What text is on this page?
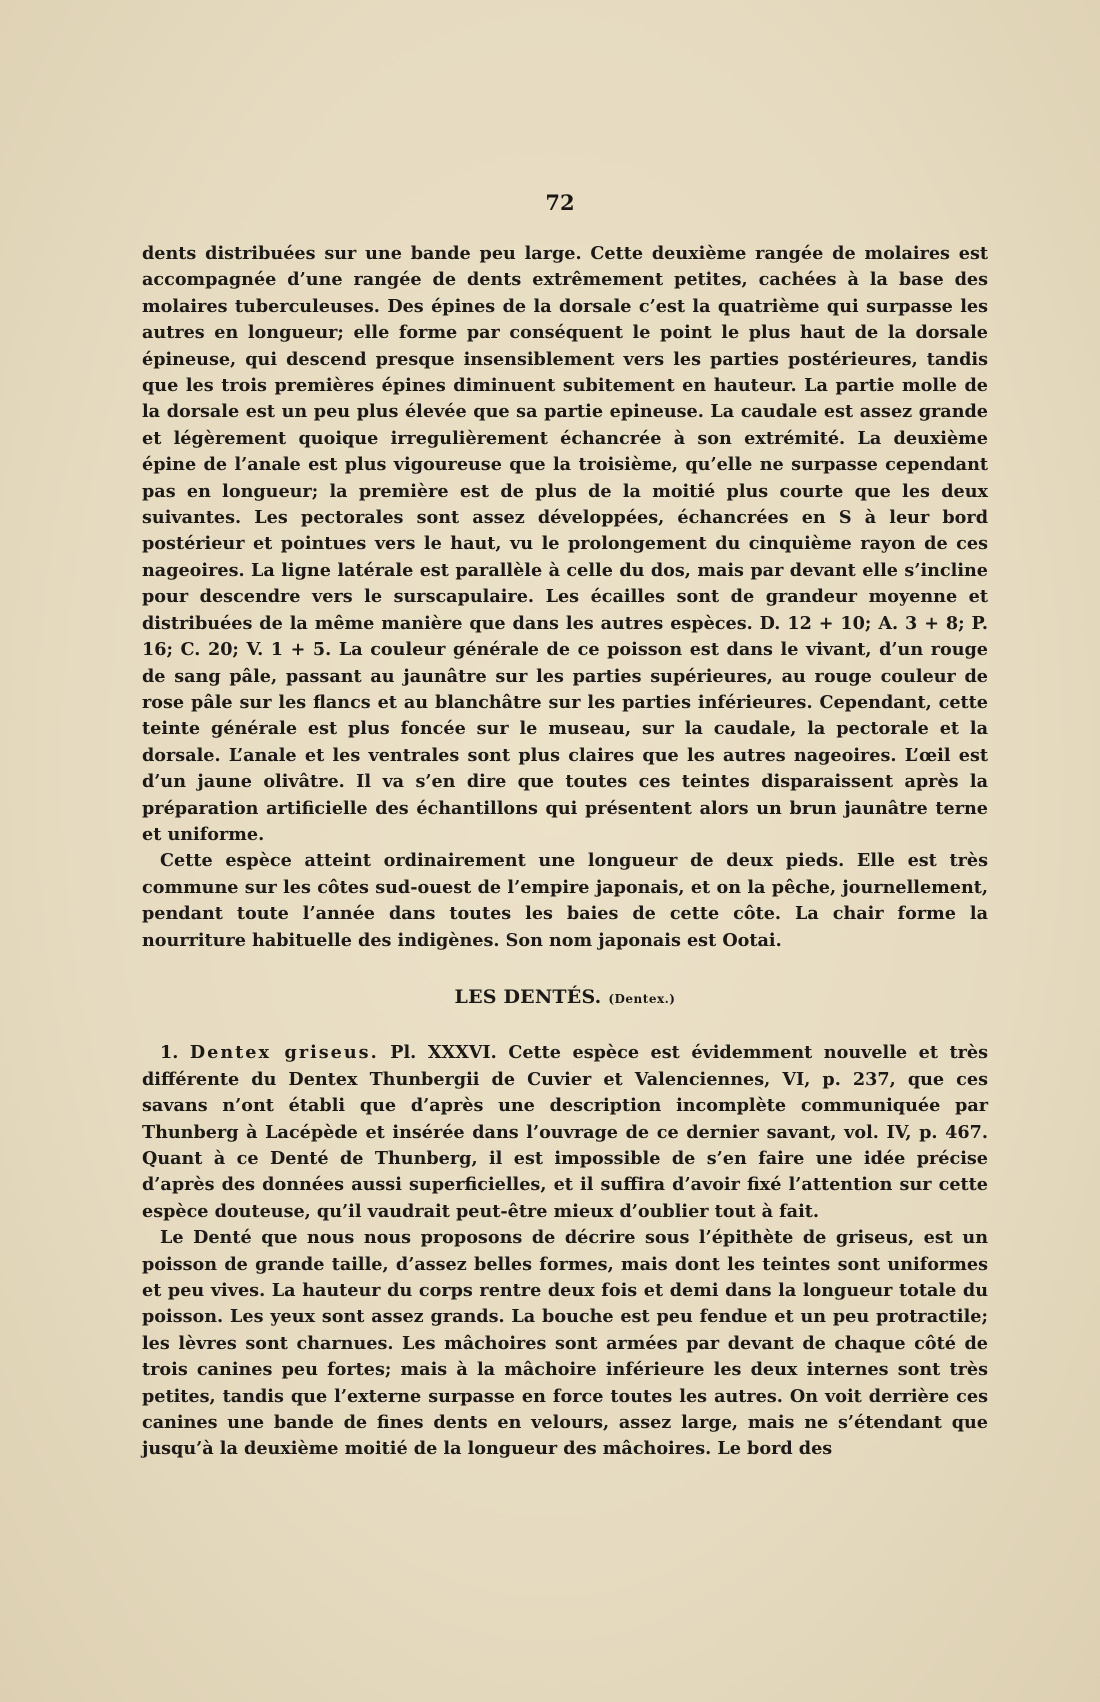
72

dents distribuées sur une bande peu large. Cette deuxième rangée de molaires est accompagnée d’une rangée de dents extrêmement petites, cachées à la base des molaires tuberculeuses. Des épines de la dorsale c’est la quatrième qui surpasse les autres en longueur; elle forme par conséquent le point le plus haut de la dorsale épineuse, qui descend presque insensiblement vers les parties postérieures, tandis que les trois premières épines diminuent subitement en hauteur. La partie molle de la dorsale est un peu plus élevée que sa partie epineuse. La caudale est assez grande et légèrement quoique irregulièrement échancrée à son extrémité. La deuxième épine de l’anale est plus vigoureuse que la troisième, qu’elle ne surpasse cependant pas en longueur; la première est de plus de la moitié plus courte que les deux suivantes. Les pectorales sont assez développées, échancrées en S à leur bord postérieur et pointues vers le haut, vu le prolongement du cinquième rayon de ces nageoires. La ligne latérale est parallèle à celle du dos, mais par devant elle s’incline pour descendre vers le surscapulaire. Les écailles sont de grandeur moyenne et distribuées de la même manière que dans les autres espèces. D. 12 + 10; A. 3 + 8; P. 16; C. 20; V. 1 + 5. La couleur générale de ce poisson est dans le vivant, d’un rouge de sang pâle, passant au jaunâtre sur les parties supérieures, au rouge couleur de rose pâle sur les flancs et au blanchâtre sur les parties inférieures. Cependant, cette teinte générale est plus foncée sur le museau, sur la caudale, la pectorale et la dorsale. L’anale et les ventrales sont plus claires que les autres nageoires. L’œil est d’un jaune olivâtre. Il va s’en dire que toutes ces teintes disparaissent après la préparation artificielle des échantillons qui présentent alors un brun jaunâtre terne et uniforme.

Cette espèce atteint ordinairement une longueur de deux pieds. Elle est très commune sur les côtes sud-ouest de l’empire japonais, et on la pêche, journellement, pendant toute l’année dans toutes les baies de cette côte. La chair forme la nourriture habituelle des indigènes. Son nom japonais est Ootai.

LES DENTÉS. (Dentex.)

1. Dentex griseus. Pl. XXXVI. Cette espèce est évidemment nouvelle et très différente du Dentex Thunbergii de Cuvier et Valenciennes, VI, p. 237, que ces savans n’ont établi que d’après une description incomplète communiquée par Thunberg à Lacépède et insérée dans l’ouvrage de ce dernier savant, vol. IV, p. 467. Quant à ce Denté de Thunberg, il est impossible de s’en faire une idée précise d’après des données aussi superficielles, et il suffira d’avoir fixé l’attention sur cette espèce douteuse, qu’il vaudrait peut-être mieux d’oublier tout à fait.

Le Denté que nous nous proposons de décrire sous l’épithète de griseus, est un poisson de grande taille, d’assez belles formes, mais dont les teintes sont uniformes et peu vives. La hauteur du corps rentre deux fois et demi dans la longueur totale du poisson. Les yeux sont assez grands. La bouche est peu fendue et un peu protractile; les lèvres sont charnues. Les mâchoires sont armées par devant de chaque côté de trois canines peu fortes; mais à la mâchoire inférieure les deux internes sont très petites, tandis que l’externe surpasse en force toutes les autres. On voit derrière ces canines une bande de fines dents en velours, assez large, mais ne s’étendant que jusqu’à la deuxième moitié de la longueur des mâchoires. Le bord des
